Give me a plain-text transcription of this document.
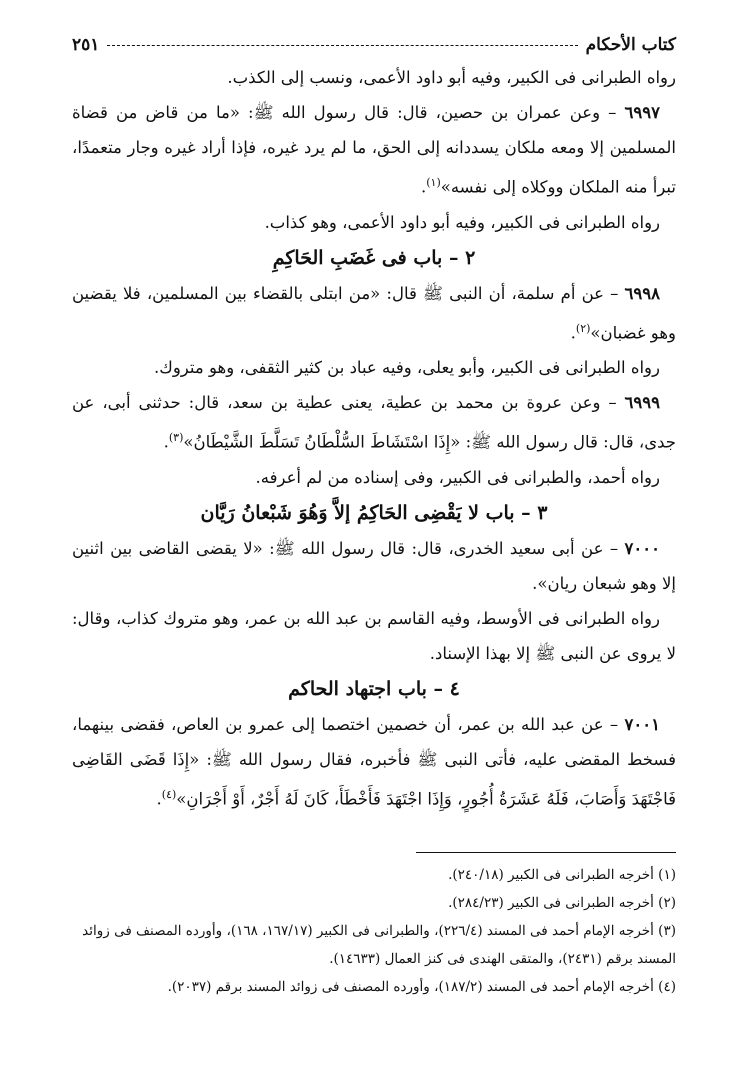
كتاب الأحكام
٢٥١

رواه الطبرانى فى الكبير، وفيه أبو داود الأعمى، ونسب إلى الكذب.

٦٩٩٧ – وعن عمران بن حصين، قال: قال رسول الله ﷺ: «ما من قاض من قضاة المسلمين إلا ومعه ملكان يسددانه إلى الحق، ما لم يرد غيره، فإذا أراد غيره وجار متعمدًا، تبرأ منه الملكان ووكلاه إلى نفسه»$^{(١)}$.

رواه الطبرانى فى الكبير، وفيه أبو داود الأعمى، وهو كذاب.

٢ – باب فى غَضَبِ الحَاكِمِ

٦٩٩٨ – عن أم سلمة، أن النبى ﷺ قال: «من ابتلى بالقضاء بين المسلمين، فلا يقضين وهو غضبان»$^{(٢)}$.

رواه الطبرانى فى الكبير، وأبو يعلى، وفيه عباد بن كثير الثقفى، وهو متروك.

٦٩٩٩ – وعن عروة بن محمد بن عطية، يعنى عطية بن سعد، قال: حدثنى أبى، عن جدى، قال: قال رسول الله ﷺ: «إِذَا اسْتَشَاطَ السُّلْطَانُ تَسَلَّطَ الشَّيْطَانُ»$^{(٣)}$.

رواه أحمد، والطبرانى فى الكبير، وفى إسناده من لم أعرفه.

٣ – باب لا يَقْضِى الحَاكِمُ إلاَّ وَهُوَ شَبْعانُ رَيَّان

٧٠٠٠ – عن أبى سعيد الخدرى، قال: قال رسول الله ﷺ: «لا يقضى القاضى بين اثنين إلا وهو شبعان ريان».

رواه الطبرانى فى الأوسط، وفيه القاسم بن عبد الله بن عمر، وهو متروك كذاب، وقال: لا يروى عن النبى ﷺ إلا بهذا الإسناد.

٤ – باب اجتهاد الحاكم

٧٠٠١ – عن عبد الله بن عمر، أن خصمين اختصما إلى عمرو بن العاص، فقضى بينهما، فسخط المقضى عليه، فأتى النبى ﷺ فأخبره، فقال رسول الله ﷺ: «إِذَا قَضَى القَاضِى فَاجْتَهَدَ وَأَصَابَ، فَلَهُ عَشَرَةُ أُجُورٍ، وَإِذَا اجْتَهَدَ فَأَخْطَأَ، كَانَ لَهُ أَجْرٌ، أَوْ أَجْرَانِ»$^{(٤)}$.

(١) أخرجه الطبرانى فى الكبير (٢٤٠/١٨).

(٢) أخرجه الطبرانى فى الكبير (٢٨٤/٢٣).

(٣) أخرجه الإمام أحمد فى المسند (٢٢٦/٤)، والطبرانى فى الكبير (١٦٧/١٧، ١٦٨)، وأورده المصنف فى زوائد المسند برقم (٢٤٣١)، والمتقى الهندى فى كنز العمال (١٤٦٣٣).

(٤) أخرجه الإمام أحمد فى المسند (١٨٧/٢)، وأورده المصنف فى زوائد المسند برقم (٢٠٣٧).
